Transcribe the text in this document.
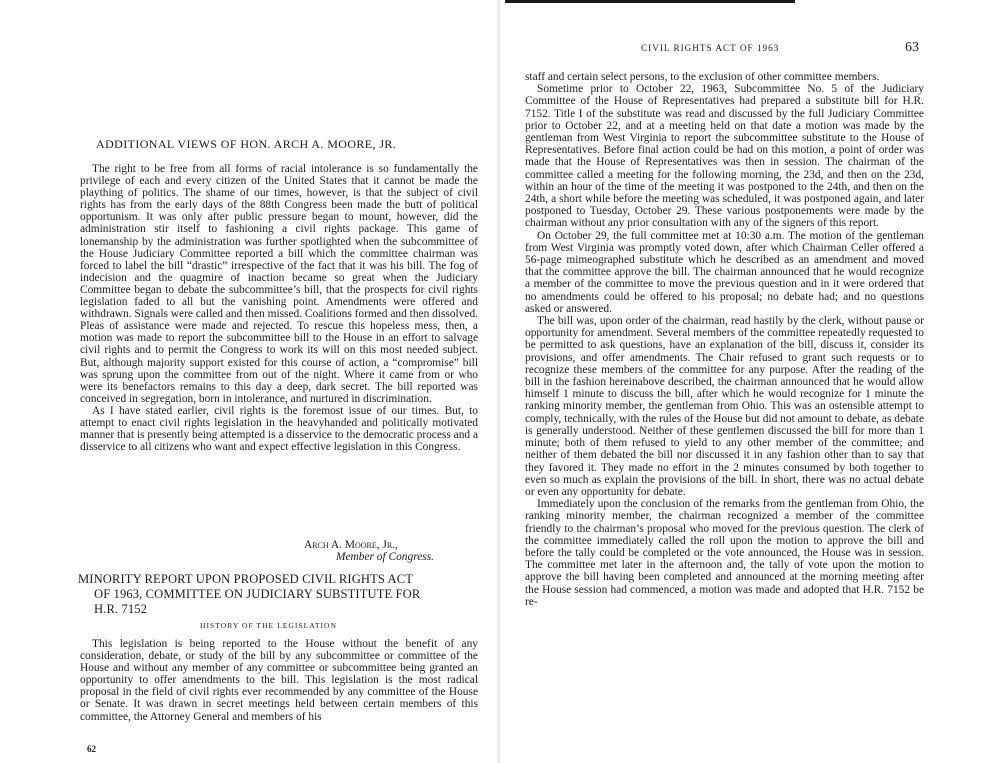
ADDITIONAL VIEWS OF HON. ARCH A. MOORE, JR.

The right to be free from all forms of racial intolerance is so fundamentally the privilege of each and every citizen of the United States that it cannot be made the plaything of politics. The shame of our times, however, is that the subject of civil rights has from the early days of the 88th Congress been made the butt of political opportunism. It was only after public pressure began to mount, however, did the administration stir itself to fashioning a civil rights package. This game of lonemanship by the administration was further spotlighted when the subcommittee of the House Judiciary Committee reported a bill which the committee chairman was forced to label the bill “drastic” irrespective of the fact that it was his bill. The fog of indecision and the quagmire of inaction became so great when the Judiciary Committee began to debate the subcommittee’s bill, that the prospects for civil rights legislation faded to all but the vanishing point. Amendments were offered and withdrawn. Signals were called and then missed. Coalitions formed and then dissolved. Pleas of assistance were made and rejected. To rescue this hopeless mess, then, a motion was made to report the subcommittee bill to the House in an effort to salvage civil rights and to permit the Congress to work its will on this most needed subject. But, although majority support existed for this course of action, a “compromise” bill was sprung upon the committee from out of the night. Where it came from or who were its benefactors remains to this day a deep, dark secret. The bill reported was conceived in segregation, born in intolerance, and nurtured in discrimination.

As I have stated earlier, civil rights is the foremost issue of our times. But, to attempt to enact civil rights legislation in the heavyhanded and politically motivated manner that is presently being attempted is a disservice to the democratic process and a disservice to all citizens who want and expect effective legislation in this Congress.

Arch A. Moore, Jr.,
Member of Congress.
MINORITY REPORT UPON PROPOSED CIVIL RIGHTS ACT
OF 1963, COMMITTEE ON JUDICIARY SUBSTITUTE FOR
H.R. 7152
HISTORY OF THE LEGISLATION

This legislation is being reported to the House without the benefit of any consideration, debate, or study of the bill by any subcommittee or committee of the House and without any member of any committee or subcommittee being granted an opportunity to offer amendments to the bill. This legislation is the most radical proposal in the field of civil rights ever recommended by any committee of the House or Senate. It was drawn in secret meetings held between certain members of this committee, the Attorney General and members of his

62
CIVIL RIGHTS ACT OF 1963	63

staff and certain select persons, to the exclusion of other committee members.

Sometime prior to October 22, 1963, Subcommittee No. 5 of the Judiciary Committee of the House of Representatives had prepared a substitute bill for H.R. 7152. Title I of the substitute was read and discussed by the full Judiciary Committee prior to October 22, and at a meeting held on that date a motion was made by the gentleman from West Virginia to report the subcommittee substitute to the House of Representatives. Before final action could be had on this motion, a point of order was made that the House of Representatives was then in session. The chairman of the committee called a meeting for the following morning, the 23d, and then on the 23d, within an hour of the time of the meeting it was postponed to the 24th, and then on the 24th, a short while before the meeting was scheduled, it was postponed again, and later postponed to Tuesday, October 29. These various postponements were made by the chairman without any prior consultation with any of the signers of this report.

On October 29, the full committee met at 10:30 a.m. The motion of the gentleman from West Virginia was promptly voted down, after which Chairman Celler offered a 56-page mimeographed substitute which he described as an amendment and moved that the committee approve the bill. The chairman announced that he would recognize a member of the committee to move the previous question and in it were ordered that no amendments could be offered to his proposal; no debate had; and no questions asked or answered.

The bill was, upon order of the chairman, read hastily by the clerk, without pause or opportunity for amendment. Several members of the committee repeatedly requested to be permitted to ask questions, have an explanation of the bill, discuss it, consider its provisions, and offer amendments. The Chair refused to grant such requests or to recognize these members of the committee for any purpose. After the reading of the bill in the fashion hereinabove described, the chairman announced that he would allow himself 1 minute to discuss the bill, after which he would recognize for 1 minute the ranking minority member, the gentleman from Ohio. This was an ostensible attempt to comply, technically, with the rules of the House but did not amount to debate, as debate is generally understood. Neither of these gentlemen discussed the bill for more than 1 minute; both of them refused to yield to any other member of the committee; and neither of them debated the bill nor discussed it in any fashion other than to say that they favored it. They made no effort in the 2 minutes consumed by both together to even so much as explain the provisions of the bill. In short, there was no actual debate or even any opportunity for debate.

Immediately upon the conclusion of the remarks from the gentleman from Ohio, the ranking minority member, the chairman recognized a member of the committee friendly to the chairman’s proposal who moved for the previous question. The clerk of the committee immediately called the roll upon the motion to approve the bill and before the tally could be completed or the vote announced, the House was in session. The committee met later in the afternoon and, the tally of vote upon the motion to approve the bill having been completed and announced at the morning meeting after the House session had commenced, a motion was made and adopted that H.R. 7152 be re-
